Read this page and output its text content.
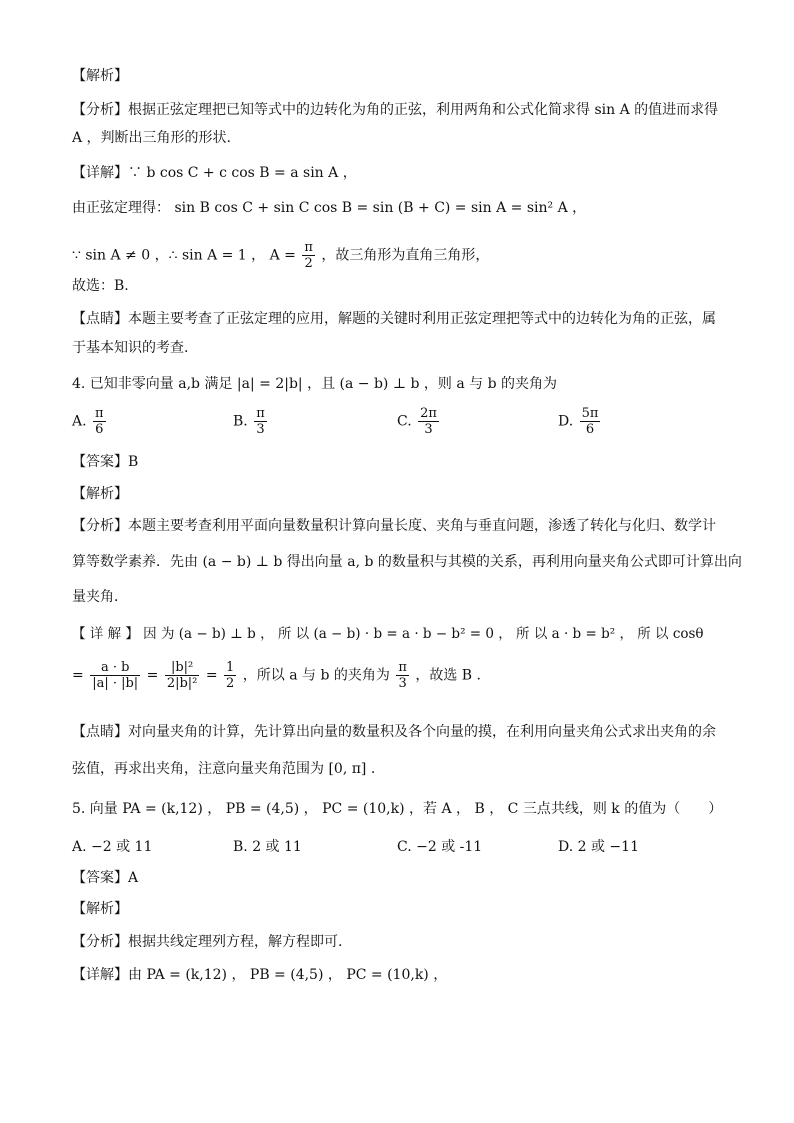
【解析】
【分析】根据正弦定理把已知等式中的边转化为角的正弦，利用两角和公式化简求得 sin A 的值进而求得
A ，判断出三角形的形状.
【详解】∵ b cos C + c cos B = a sin A ，
由正弦定理得： sin B cos C + sin C cos B = sin (B + C) = sin A = sin² A ，
∵ sin A ≠ 0 ，∴ sin A = 1 ， $A = \frac{\pi}{2}$ ，故三角形为直角三角形，
故选：B.
【点睛】本题主要考查了正弦定理的应用，解题的关键时利用正弦定理把等式中的边转化为角的正弦，属
于基本知识的考查.
4. 已知非零向量 a,b 满足 |a| = 2|b| ，且 (a − b) ⊥ b ，则 a 与 b 的夹角为
A. $\frac{\pi}{6}$	B. $\frac{\pi}{3}$	C. $\frac{2\pi}{3}$	D. $\frac{5\pi}{6}$
【答案】B
【解析】
【分析】本题主要考查利用平面向量数量积计算向量长度、夹角与垂直问题，渗透了转化与化归、数学计
算等数学素养．先由 (a − b) ⊥ b 得出向量 a, b 的数量积与其模的关系，再利用向量夹角公式即可计算出向
量夹角．
【 详 解 】 因 为 (a − b) ⊥ b ， 所 以 (a − b) · b = a · b − b² = 0 ， 所 以 a · b = b² ， 所 以 cosθ
= $\frac{a \cdot b}{|a| \cdot |b|} = \frac{\text{|b|²}}{\text{2|b|²}} = \frac{1}{2}$ ，所以 a 与 b 的夹角为 $\frac{\pi}{3}$ ，故选 B .
【点睛】对向量夹角的计算，先计算出向量的数量积及各个向量的摸，在利用向量夹角公式求出夹角的余
弦值，再求出夹角，注意向量夹角范围为 [0, π] .
5. 向量 PA = (k,12) ， PB = (4,5) ， PC = (10,k) ，若 A ， B ， C 三点共线，则 k 的值为（　　）
A. −2 或 11	B. 2 或 11	C. −2 或 -11	D. 2 或 −11
【答案】A
【解析】
【分析】根据共线定理列方程，解方程即可.
【详解】由 PA = (k,12) ， PB = (4,5) ， PC = (10,k) ，
